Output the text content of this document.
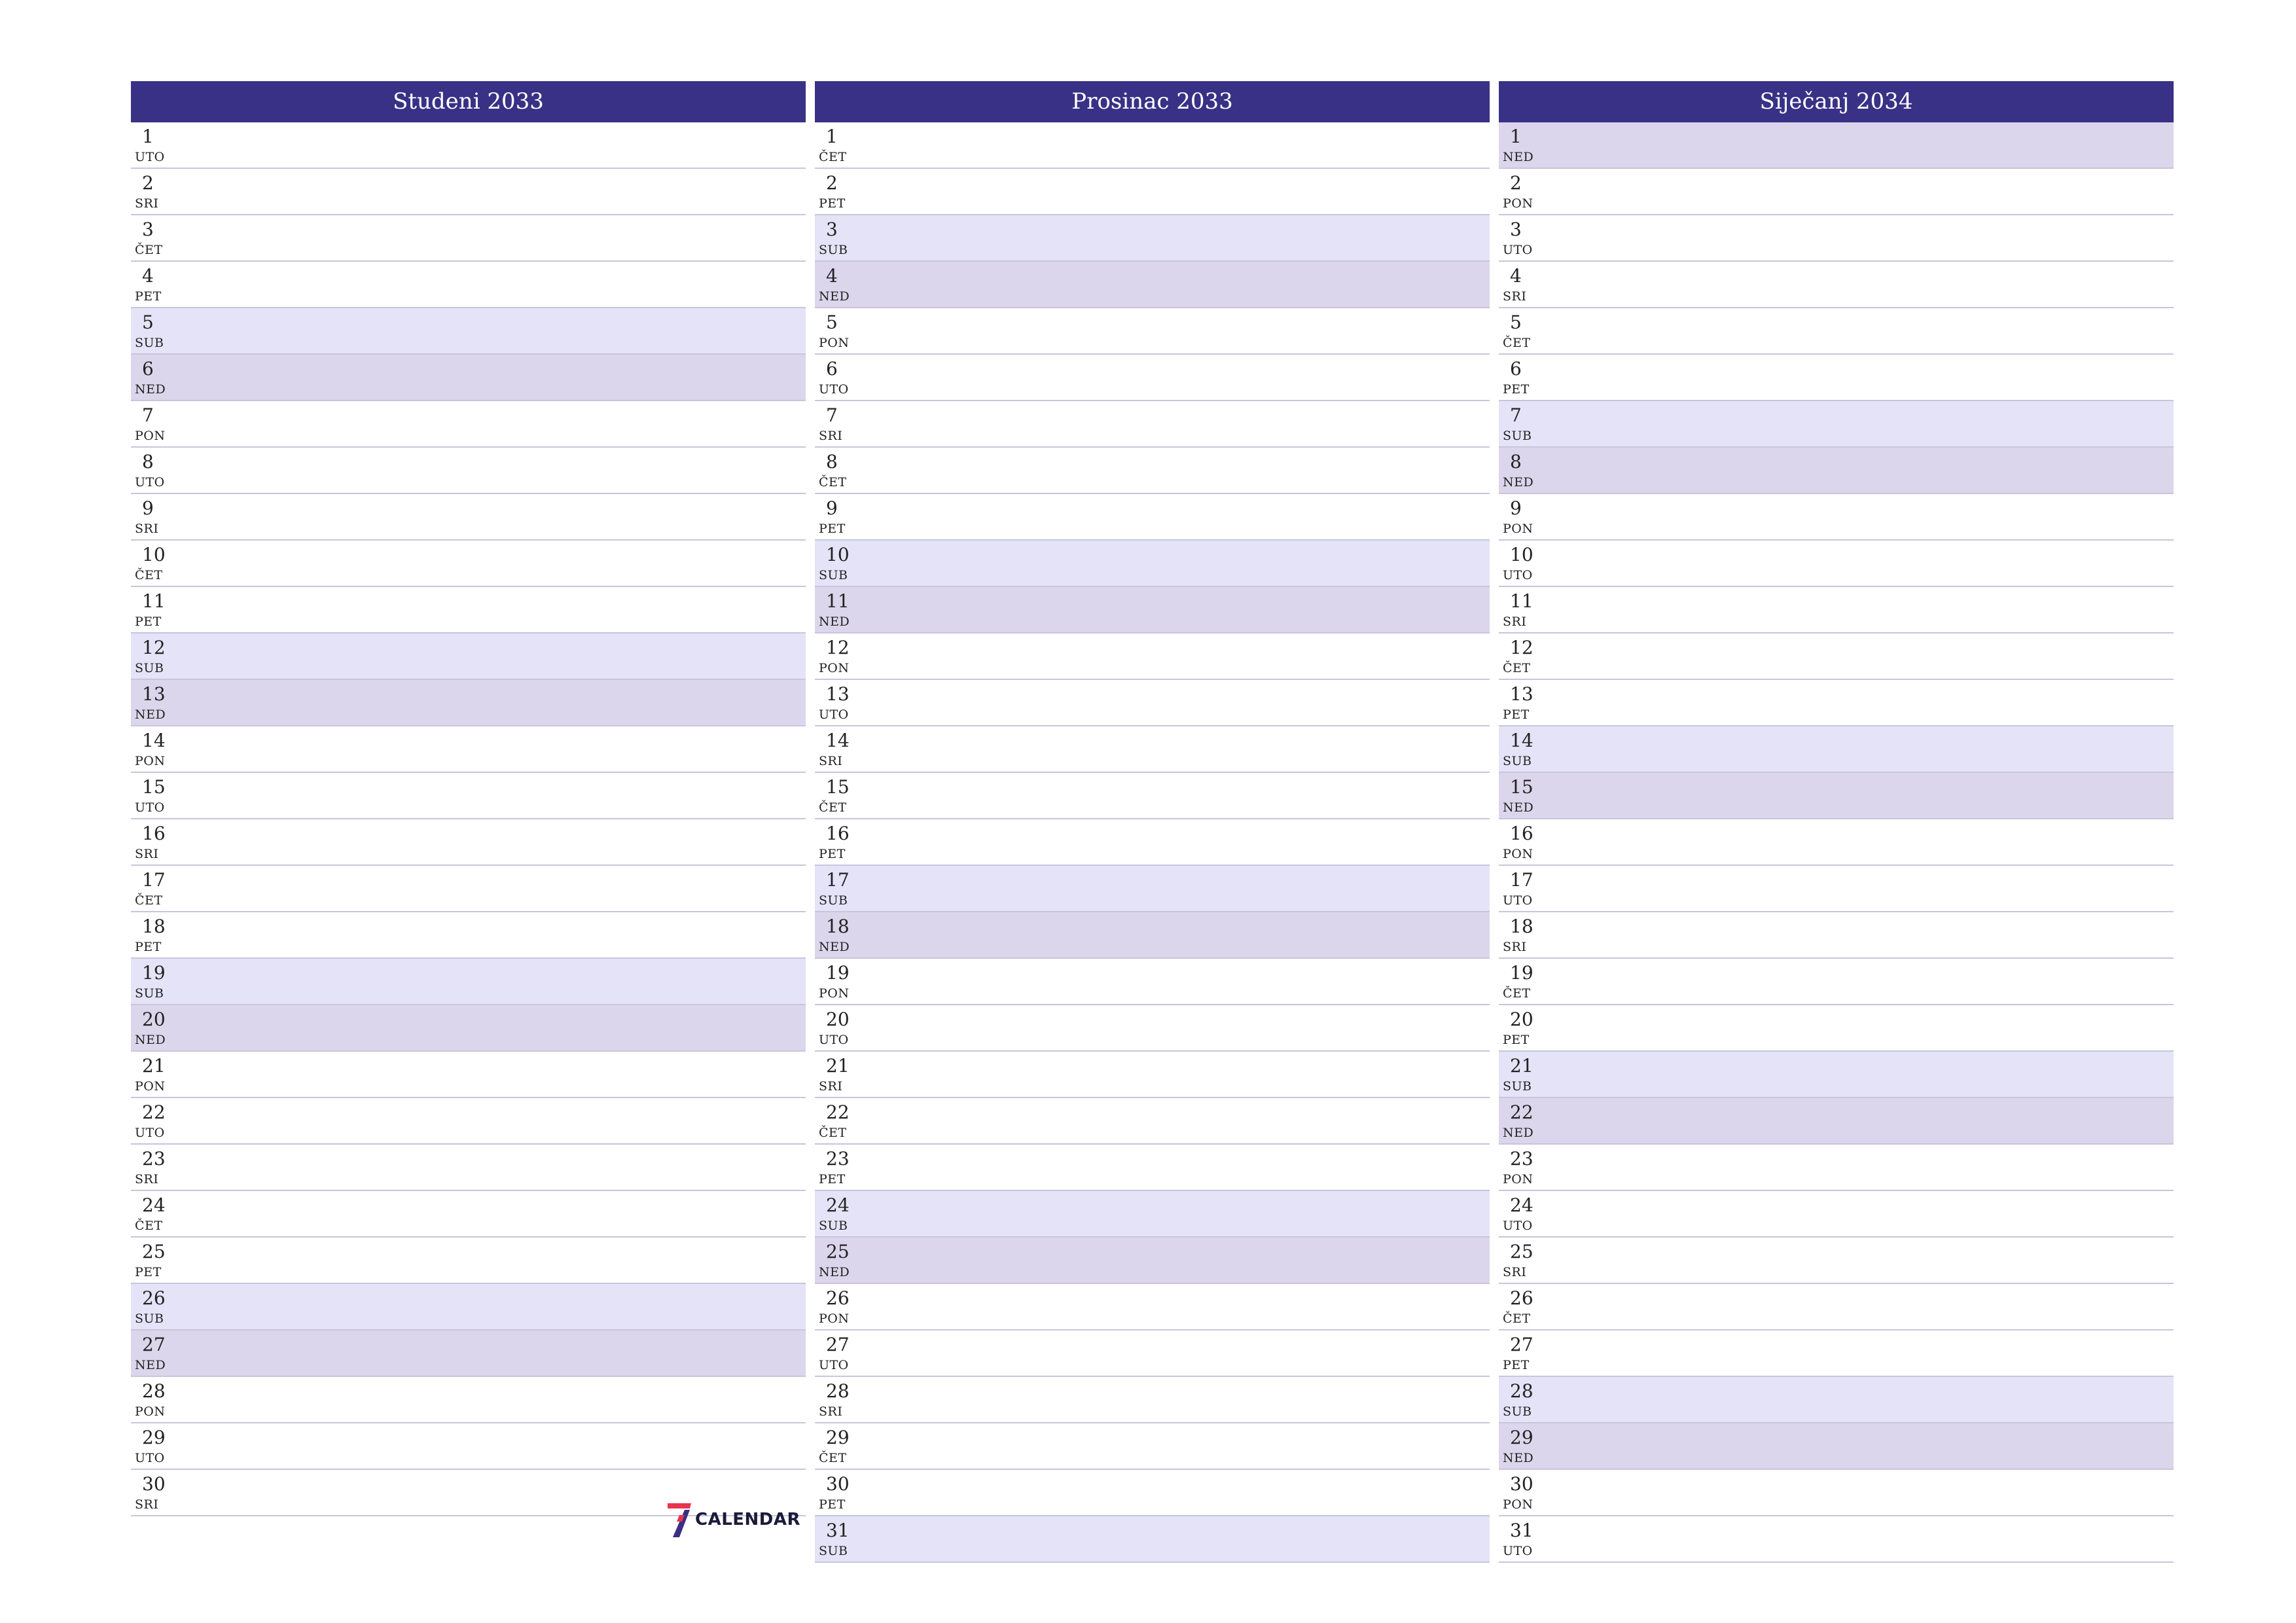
Studeni 2033
1
UTO
2
SRI
3
ČET
4
PET
5
SUB
6
NED
7
PON
8
UTO
9
SRI
10
ČET
11
PET
12
SUB
13
NED
14
PON
15
UTO
16
SRI
17
ČET
18
PET
19
SUB
20
NED
21
PON
22
UTO
23
SRI
24
ČET
25
PET
26
SUB
27
NED
28
PON
29
UTO
30
SRI
Prosinac 2033
1
ČET
2
PET
3
SUB
4
NED
5
PON
6
UTO
7
SRI
8
ČET
9
PET
10
SUB
11
NED
12
PON
13
UTO
14
SRI
15
ČET
16
PET
17
SUB
18
NED
19
PON
20
UTO
21
SRI
22
ČET
23
PET
24
SUB
25
NED
26
PON
27
UTO
28
SRI
29
ČET
30
PET
31
SUB
Siječanj 2034
1
NED
2
PON
3
UTO
4
SRI
5
ČET
6
PET
7
SUB
8
NED
9
PON
10
UTO
11
SRI
12
ČET
13
PET
14
SUB
15
NED
16
PON
17
UTO
18
SRI
19
ČET
20
PET
21
SUB
22
NED
23
PON
24
UTO
25
SRI
26
ČET
27
PET
28
SUB
29
NED
30
PON
31
UTO
CALENDAR
